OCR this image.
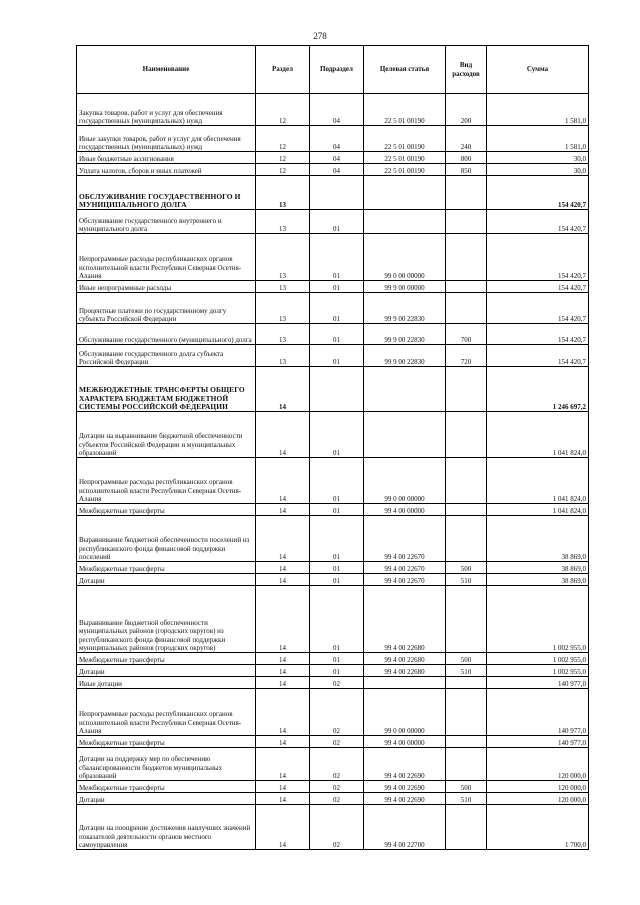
278
Наименование	Раздел	Подраздел	Целевая статья	Вид расходов	Сумма
Закупка товаров, работ и услуг для обеспечения государственных (муниципальных) нужд	12	04	22 5 01 00190	200	1 581,0
Иные закупки товаров, работ и услуг для обеспечения государственных (муниципальных) нужд	12	04	22 5 01 00190	240	1 581,0
Иные бюджетные ассигнования	12	04	22 5 01 00190	800	30,0
Уплата налогов, сборов и иных платежей	12	04	22 5 01 00190	850	30,0
ОБСЛУЖИВАНИЕ ГОСУДАРСТВЕННОГО И МУНИЦИПАЛЬНОГО ДОЛГА	13				154 420,7
Обслуживание государственного внутреннего и муниципального долга	13	01			154 420,7
Непрограммные расходы республиканских органов исполнительной власти Республики Северная Осетия-Алания	13	01	99 0 00 00000		154 420,7
Иные непрограммные расходы	13	01	99 9 00 00000		154 420,7
Процентные платежи по государственному долгу субъекта Российской Федерации	13	01	99 9 00 22830		154 420,7
Обслуживание государственного (муниципального) долга	13	01	99 9 00 22830	700	154 420,7
Обслуживание государственного долга субъекта Российской Федерации	13	01	99 9 00 22830	720	154 420,7
МЕЖБЮДЖЕТНЫЕ ТРАНСФЕРТЫ ОБЩЕГО ХАРАКТЕРА БЮДЖЕТАМ БЮДЖЕТНОЙ СИСТЕМЫ РОССИЙСКОЙ ФЕДЕРАЦИИ	14				1 246 697,2
Дотации на выравнивание бюджетной обеспеченности субъектов Российской Федерации и муниципальных образований	14	01			1 041 824,0
Непрограммные расходы республиканских органов исполнительной власти Республики Северная Осетия-Алания	14	01	99 0 00 00000		1 041 824,0
Межбюджетные трансферты	14	01	99 4 00 00000		1 041 824,0
Выравнивание бюджетной обеспеченности поселений из республиканского фонда финансовой поддержки поселений	14	01	99 4 00 22670		38 869,0
Межбюджетные трансферты	14	01	99 4 00 22670	500	38 869,0
Дотации	14	01	99 4 00 22670	510	38 869,0
Выравнивание бюджетной обеспеченности муниципальных районов (городских округов) из республиканского фонда финансовой поддержки муниципальных районов (городских округов)	14	01	99 4 00 22680		1 002 955,0
Межбюджетные трансферты	14	01	99 4 00 22680	500	1 002 955,0
Дотации	14	01	99 4 00 22680	510	1 002 955,0
Иные дотации	14	02			140 977,0
Непрограммные расходы республиканских органов исполнительной власти Республики Северная Осетия-Алания	14	02	99 0 00 00000		140 977,0
Межбюджетные трансферты	14	02	99 4 00 00000		140 977,0
Дотации на поддержку мер по обеспечению сбалансированности бюджетов муниципальных образований	14	02	99 4 00 22690		120 000,0
Межбюджетные трансферты	14	02	99 4 00 22690	500	120 000,0
Дотации	14	02	99 4 00 22690	510	120 000,0
Дотации на поощрение достижения наилучших значений показателей деятельности органов местного самоуправления	14	02	99 4 00 22700		1 700,0
